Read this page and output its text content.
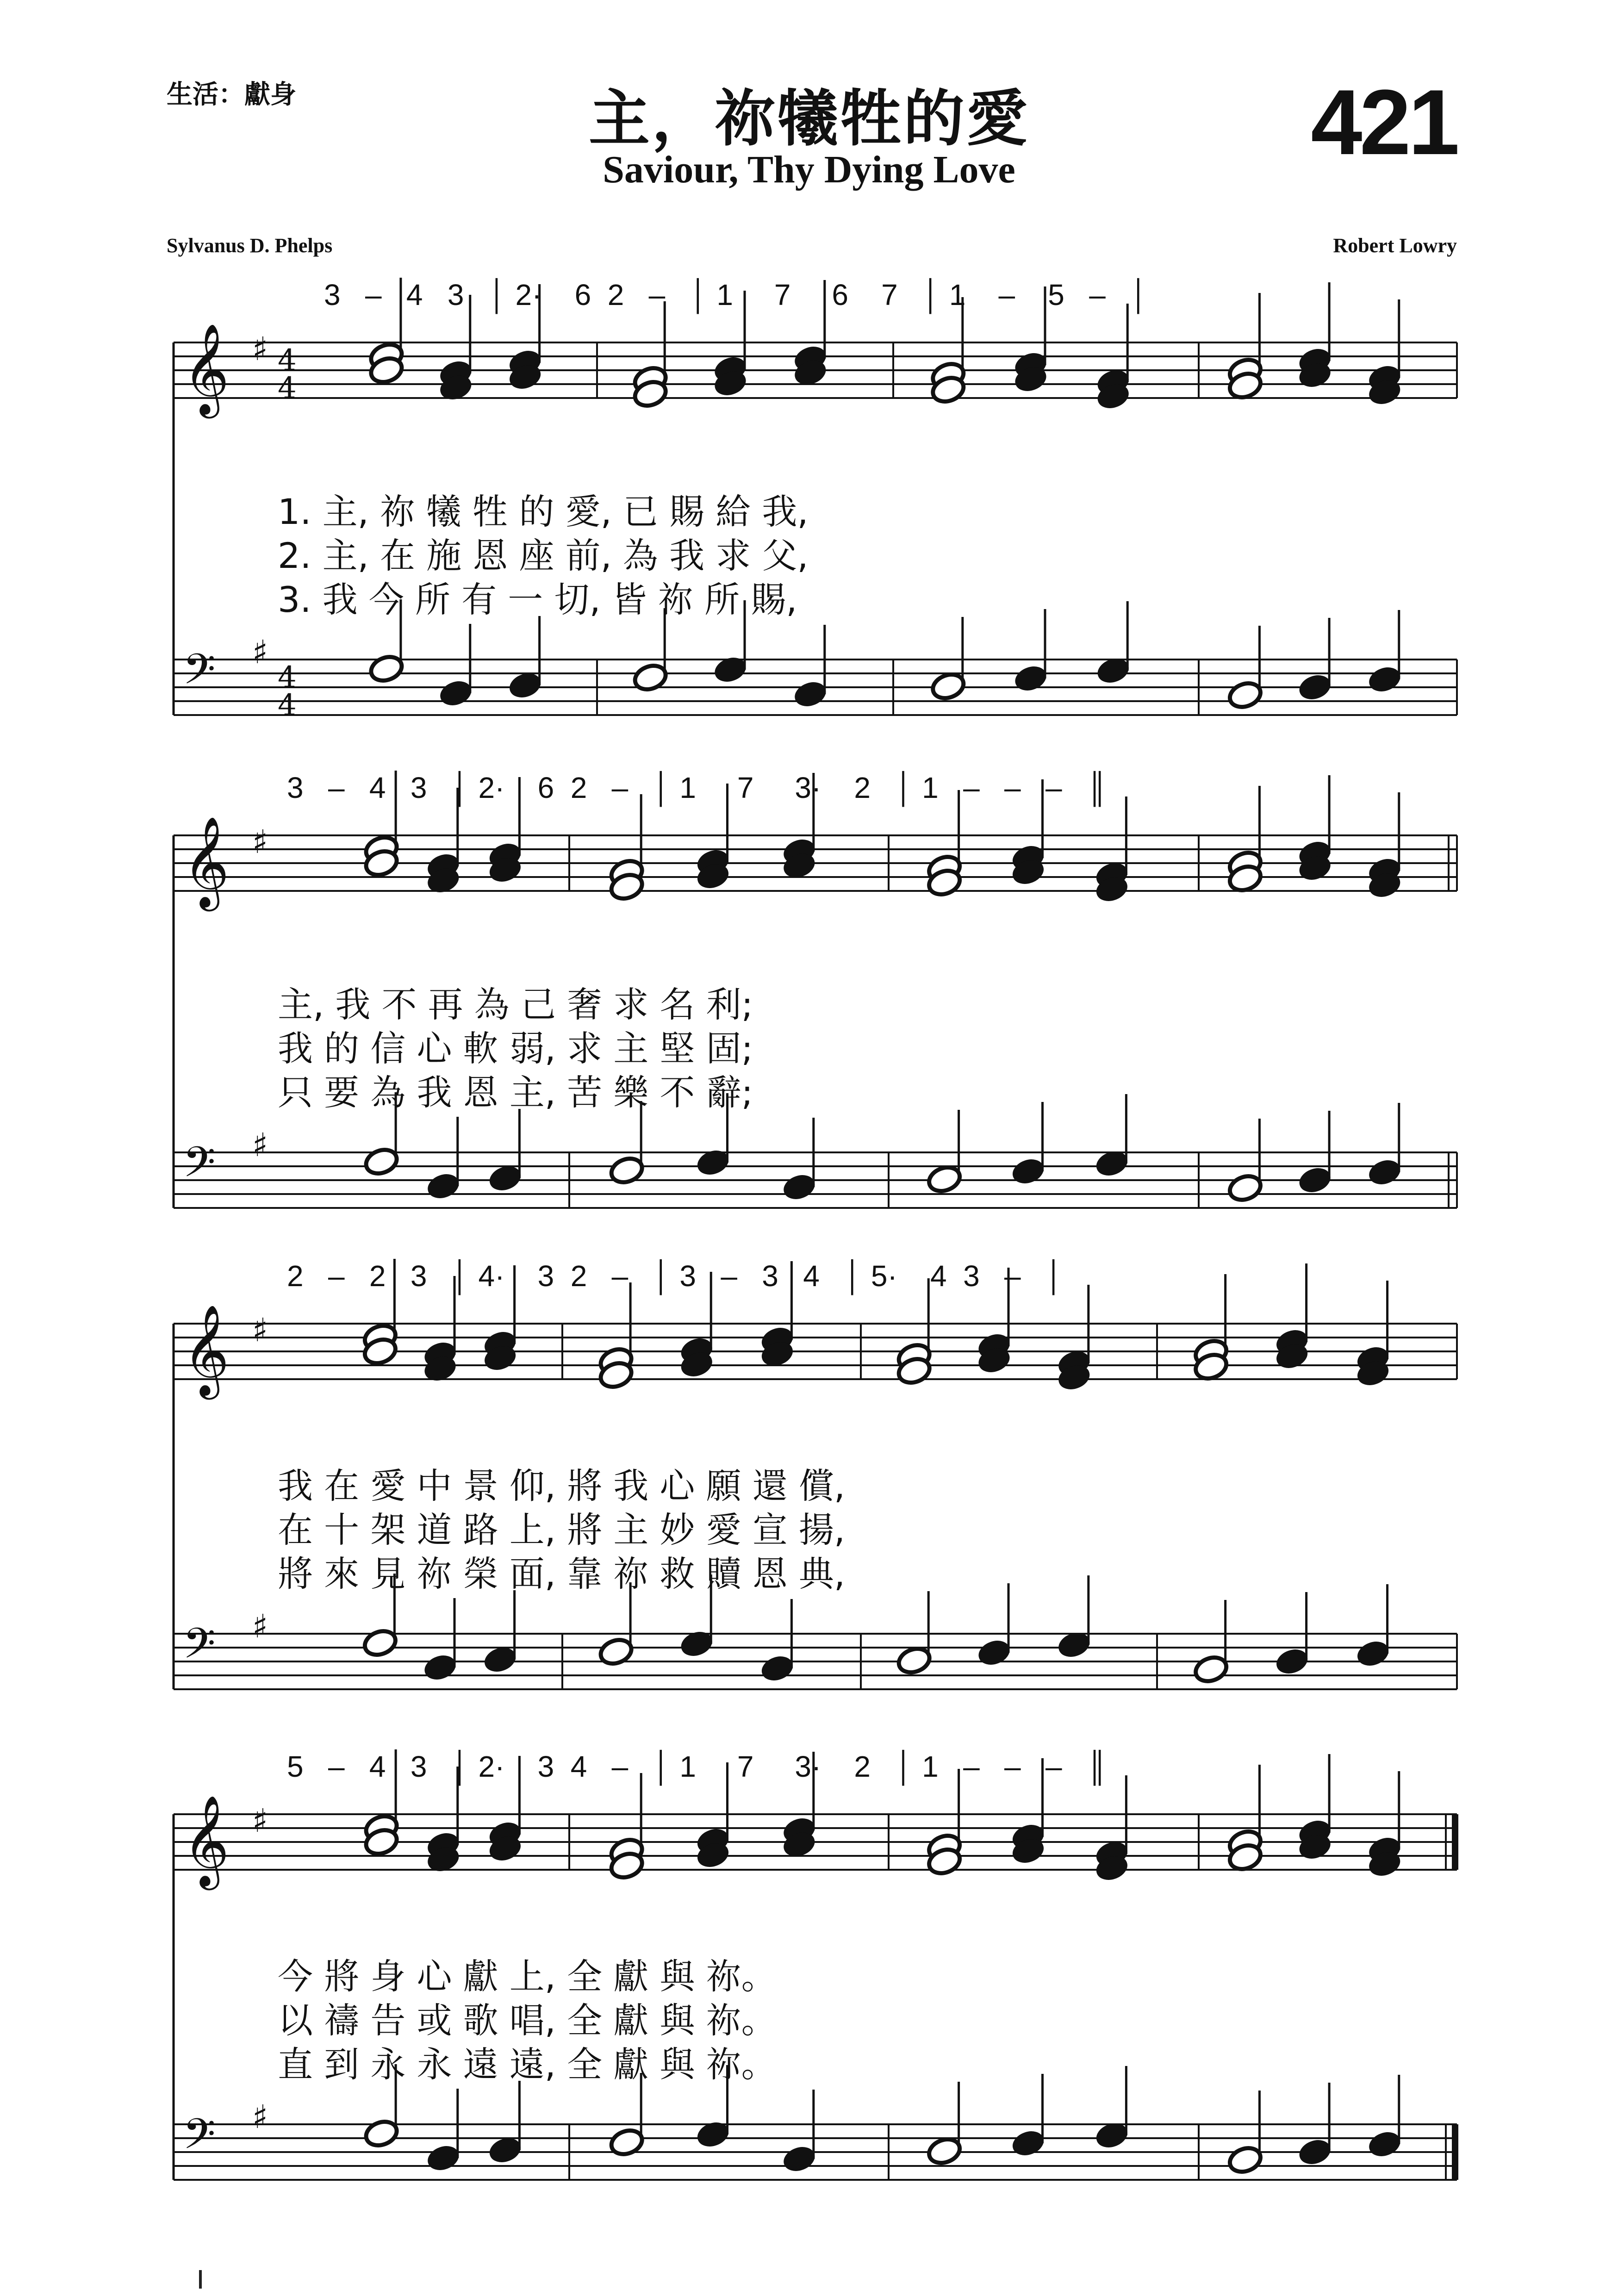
生活：獻身	主，祢犧牲的愛
Saviour, Thy Dying Love	421
Sylvanus D. Phelps	Robert Lowry
3   –   4   3   │ 2·    6  2   –   │ 1     7     6    7   │ 1    –    5   –   │
1. 主, 祢 犧 牲 的 愛, 已 賜 給 我,
2. 主, 在 施 恩 座 前, 為 我 求 父,
3. 我 今 所 有 一 切, 皆 祢 所 賜,
3   –   4   3   │ 2·    6  2   –   │ 1     7     3·    2   │ 1   –   –   –   ║
主, 我 不 再 為 己 奢 求 名 利;
我 的 信 心 軟 弱, 求 主 堅 固;
只 要 為 我 恩 主, 苦 樂 不 辭;
2   –   2   3   │ 4·    3  2   –   │ 3   –   3   4   │ 5·    4  3   –   │
我 在 愛 中 景 仰, 將 我 心 願 還 償,
在 十 架 道 路 上, 將 主 妙 愛 宣 揚,
將 來 見 祢 榮 面, 靠 祢 救 贖 恩 典,
5   –   4   3   │ 2·    3  4   –   │ 1     7     3·    2   │ 1   –   –   –   ║
今 將 身 心 獻 上, 全 獻 與 祢。
以 禱 告 或 歌 唱, 全 獻 與 祢。
直 到 永 永 遠 遠, 全 獻 與 祢。
𝄞 ♯ 4
4
𝄢 ♯
4
4
𝄞 ♯
𝄢 ♯
𝄞 ♯
𝄢 ♯
𝄞 ♯
𝄢 ♯
